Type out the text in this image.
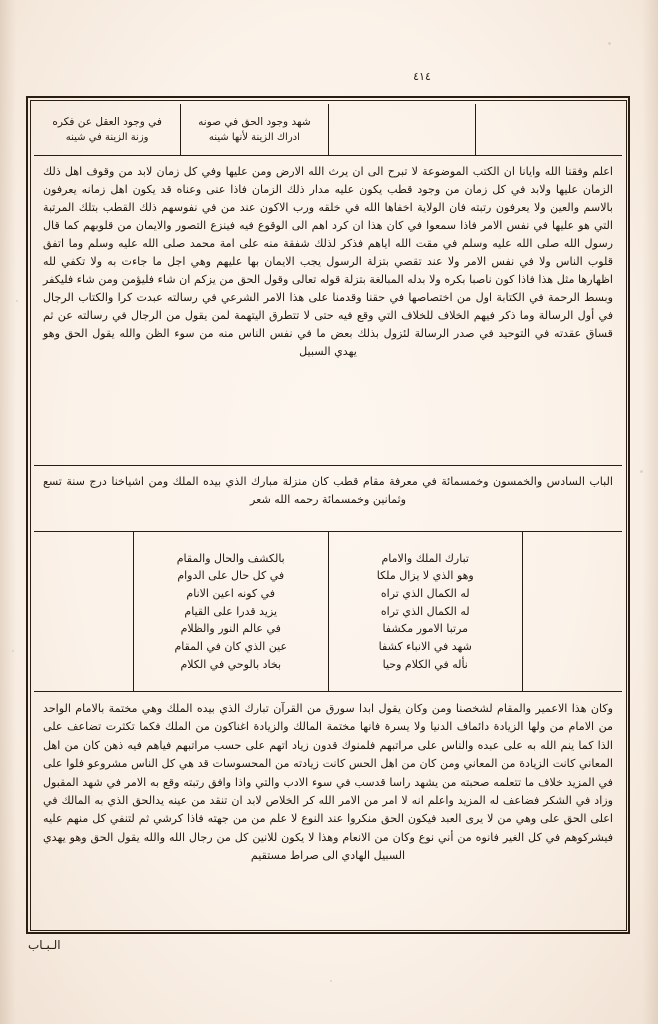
٤١٤
شهد وجود الحق في صونه
ادراك الزينة لأنها شينه
في وجود العقل عن فكره
وزنة الزينة في شينه
اعلم وفقنا الله وايانا ان الكتب الموضوعة لا تبرح الى ان يرث الله الارض ومن عليها وفي كل زمان لابد من وقوف اهل ذلك الزمان عليها ولابد في كل زمان من وجود قطب يكون عليه مدار ذلك الزمان فاذا عنى وعناه قد يكون اهل زمانه يعرفون بالاسم والعين ولا يعرفون رتبته فان الولاية اخفاها الله في خلقه ورب الاكون عند من في نفوسهم ذلك القطب بتلك المرتبة التي هو عليها في نفس الامر فاذا سمعوا في كان هذا ان كرد اهم الى الوقوع فيه فينزع التصور والايمان من قلوبهم كما قال رسول الله صلى الله عليه وسلم في مقت الله اياهم فذكر لذلك شفقة منه على امة محمد صلى الله عليه وسلم وما اتفق قلوب الناس ولا في نفس الامر ولا عند تقصي بتزلة الرسول يجب الايمان بها عليهم وهي اجل ما جاءت به ولا تكفي لله اظهارها مثل هذا فاذا كون ناصبا بكره ولا بدله المبالغة بتزلة قوله تعالى وقول الحق من يزكم ان شاء فليؤمن ومن شاء فليكفر وبسط الرحمة في الكتابة اول من اختصاصها في حقنا وقدمنا على هذا الامر الشرعي في رسالته عبدت كرا والكتاب الرجال في أول الرسالة وما ذكر فيهم الخلاف للخلاف التي وقع فيه حتى لا تتطرق اليتهمة لمن يقول من الرجال في رسالته عن ثم قساق عقدته في التوحيد في صدر الرسالة لئزول بذلك بعض ما في نفس الناس منه من سوء الظن والله يقول الحق وهو يهدي السبيل
الباب السادس والخمسون وخمسمائة في معرفة مقام قطب كان منزلة مبارك الذي بيده الملك ومن اشياخنا درج سنة تسع وثمانين وخمسمائة رحمه الله شعر
تبارك الملك والامام
وهو الذي لا يزال ملكا
له الكمال الذي تراه
له الكمال الذي تراه
مرتبا الامور مكشفا
شهد في الانباء كشفا
نأله في الكلام وحيا
بالكشف والحال والمقام
في كل حال على الدوام
في كونه اعين الانام
يزيد قدرا على القيام
في عالم النور والظلام
عين الذي كان في المقام
بخاد بالوحي في الكلام
وكان هذا الاعمير والمقام لشخصنا ومن وكان يقول ابدا سورق من القرآن تبارك الذي بيده الملك وهي مختمة بالامام الواحد من الامام من ولها الزيادة دائماف الدنيا ولا يسرة فانها مختمة المالك والزيادة اغناكون من الملك فكما تكثرت تضاعف على الذا كما ينم الله به على عبده والناس على مراتبهم فلمنوك قدون زياد اتهم على حسب مراتبهم فياهم فيه ذهن كان من اهل المعاني كانت الزيادة من المعاني ومن كان من اهل الحس كانت زيادته من المحسوسات قد هي كل الناس مشروعو فلوا على في المزيد خلاف ما تتعلمه صحبته من يشهد راسا قدسب في سوء الادب والتي واذا وافق رتبته وقع به الامر في شهد المقبول وزاد في الشكر فضاعف له المزيد واعلم انه لا امر من الامر الله كر الخلاص لابد ان تنقد من عينه يدالحق الذي به المالك في اعلى الحق على وهي من لا يرى العبد فيكون الحق منكروا عند النوع لا علم من من جهته فاذا كرشي ثم لتنفي كل منهم عليه فيشركوهم في كل الغير فانوه من أني نوع وكان من الانعام وهذا لا يكون للانين كل من رجال الله والله يقول الحق وهو يهدي السبيل الهادي الى صراط مستقيم
الـبـاب
